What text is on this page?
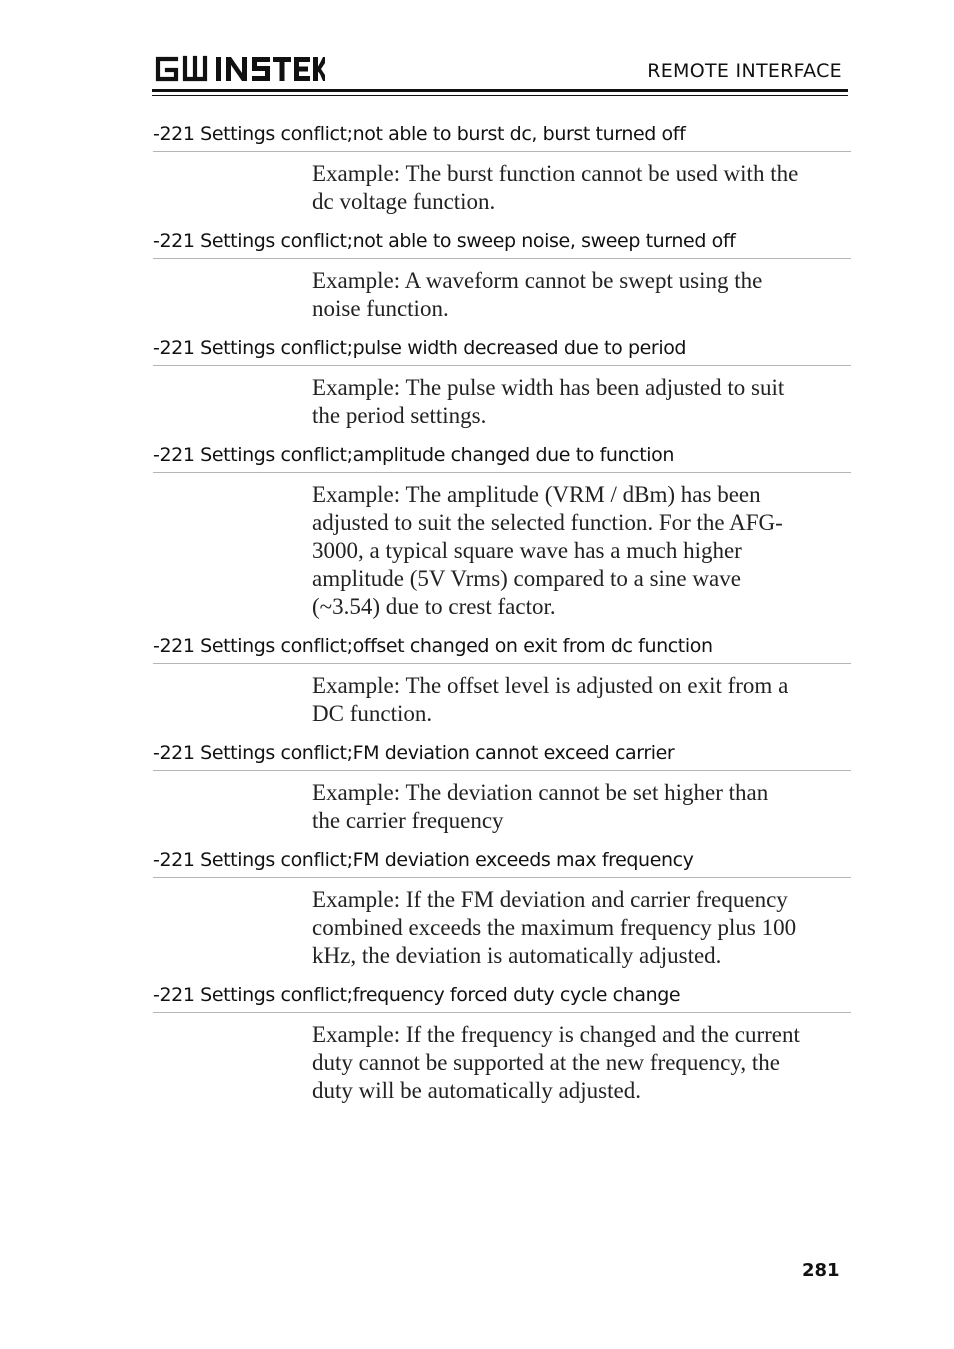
REMOTE INTERFACE
-221 Settings conflict;not able to burst dc, burst turned off
Example: The burst function cannot be used with the
dc voltage function.
-221 Settings conflict;not able to sweep noise, sweep turned off
Example: A waveform cannot be swept using the
noise function.
-221 Settings conflict;pulse width decreased due to period
Example: The pulse width has been adjusted to suit
the period settings.
-221 Settings conflict;amplitude changed due to function
Example: The amplitude (VRM / dBm) has been
adjusted to suit the selected function. For the AFG-
3000, a typical square wave has a much higher
amplitude (5V Vrms) compared to a sine wave
(~3.54) due to crest factor.
-221 Settings conflict;offset changed on exit from dc function
Example: The offset level is adjusted on exit from a
DC function.
-221 Settings conflict;FM deviation cannot exceed carrier
Example: The deviation cannot be set higher than
the carrier frequency
-221 Settings conflict;FM deviation exceeds max frequency
Example: If the FM deviation and carrier frequency
combined exceeds the maximum frequency plus 100
kHz, the deviation is automatically adjusted.
-221 Settings conflict;frequency forced duty cycle change
Example: If the frequency is changed and the current
duty cannot be supported at the new frequency, the
duty will be automatically adjusted.
281
